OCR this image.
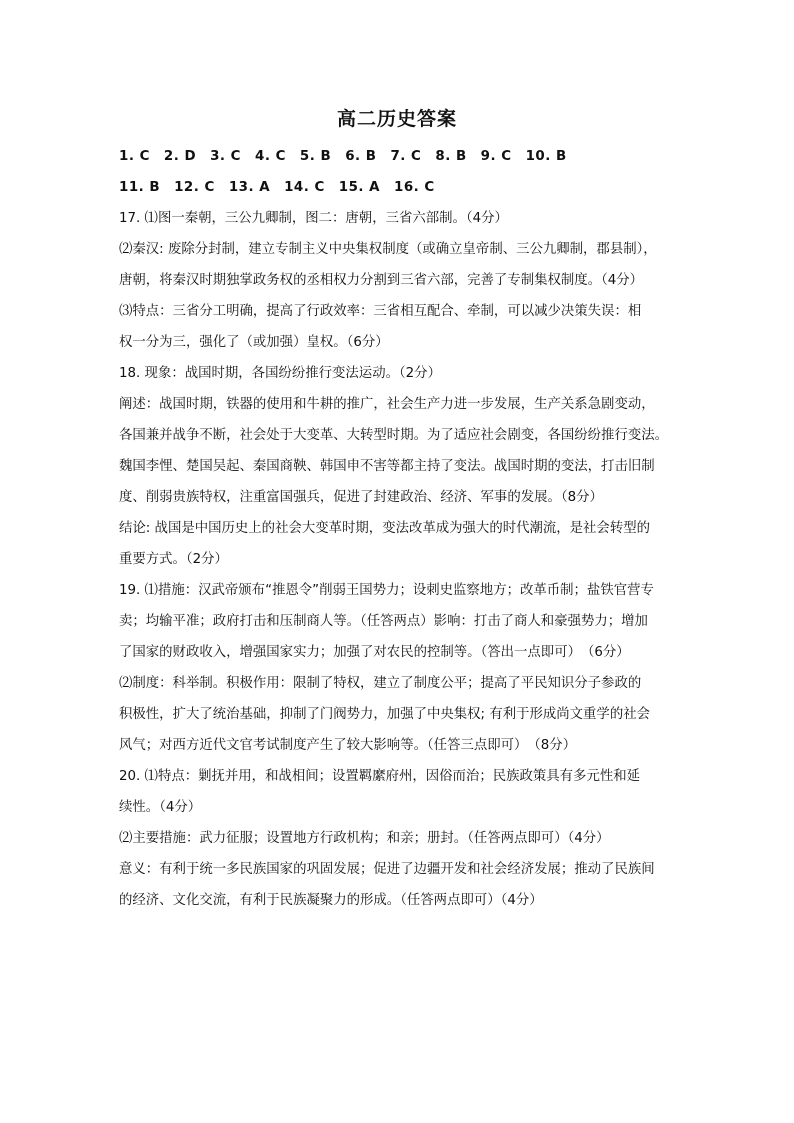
高二历史答案
1. C 2. D 3. C 4. C 5. B 6. B 7. C 8. B 9. C 10. B
11. B 12. C 13. A 14. C 15. A 16. C
17. ⑴图一秦朝，三公九卿制，图二：唐朝，三省六部制。（4分）
⑵秦汉: 废除分封制，建立专制主义中央集权制度（或确立皇帝制、三公九卿制，郡县制），
唐朝，将秦汉时期独掌政务权的丞相权力分割到三省六部，完善了专制集权制度。（4分）
⑶特点：三省分工明确，提高了行政效率：三省相互配合、牵制，可以减少决策失误：相
权一分为三，强化了（或加强）皇权。（6分）
18. 现象：战国时期，各国纷纷推行变法运动。（2分）
阐述：战国时期，铁器的使用和牛耕的推广，社会生产力进一步发展，生产关系急剧变动，
各国兼并战争不断，社会处于大变革、大转型时期。为了适应社会剧变，各国纷纷推行变法。
魏国李悝、楚国吴起、秦国商鞅、韩国申不害等都主持了变法。战国时期的变法，打击旧制
度、削弱贵族特权，注重富国强兵，促进了封建政治、经济、军事的发展。（8分）
结论: 战国是中国历史上的社会大变革时期，变法改革成为强大的时代潮流，是社会转型的
重要方式。（2分）
19. ⑴措施：汉武帝颁布“推恩令”削弱王国势力；设刺史监察地方；改革币制；盐铁官营专
卖；均输平准；政府打击和压制商人等。（任答两点）影响：打击了商人和豪强势力；增加
了国家的财政收入，增强国家实力；加强了对农民的控制等。（答出一点即可）　（6分）
⑵制度：科举制。积极作用：限制了特权，建立了制度公平；提高了平民知识分子参政的
积极性，扩大了统治基础，抑制了门阀势力，加强了中央集权; 有利于形成尚文重学的社会
风气；对西方近代文官考试制度产生了较大影响等。（任答三点即可）　（8分）
20. ⑴特点：剿抚并用，和战相间；设置羁縻府州，因俗而治；民族政策具有多元性和延
续性。（4分）
⑵主要措施：武力征服；设置地方行政机构；和亲；册封。（任答两点即可）（4分）
意义：有利于统一多民族国家的巩固发展；促进了边疆开发和社会经济发展；推动了民族间
的经济、文化交流，有利于民族凝聚力的形成。（任答两点即可）（4分）
